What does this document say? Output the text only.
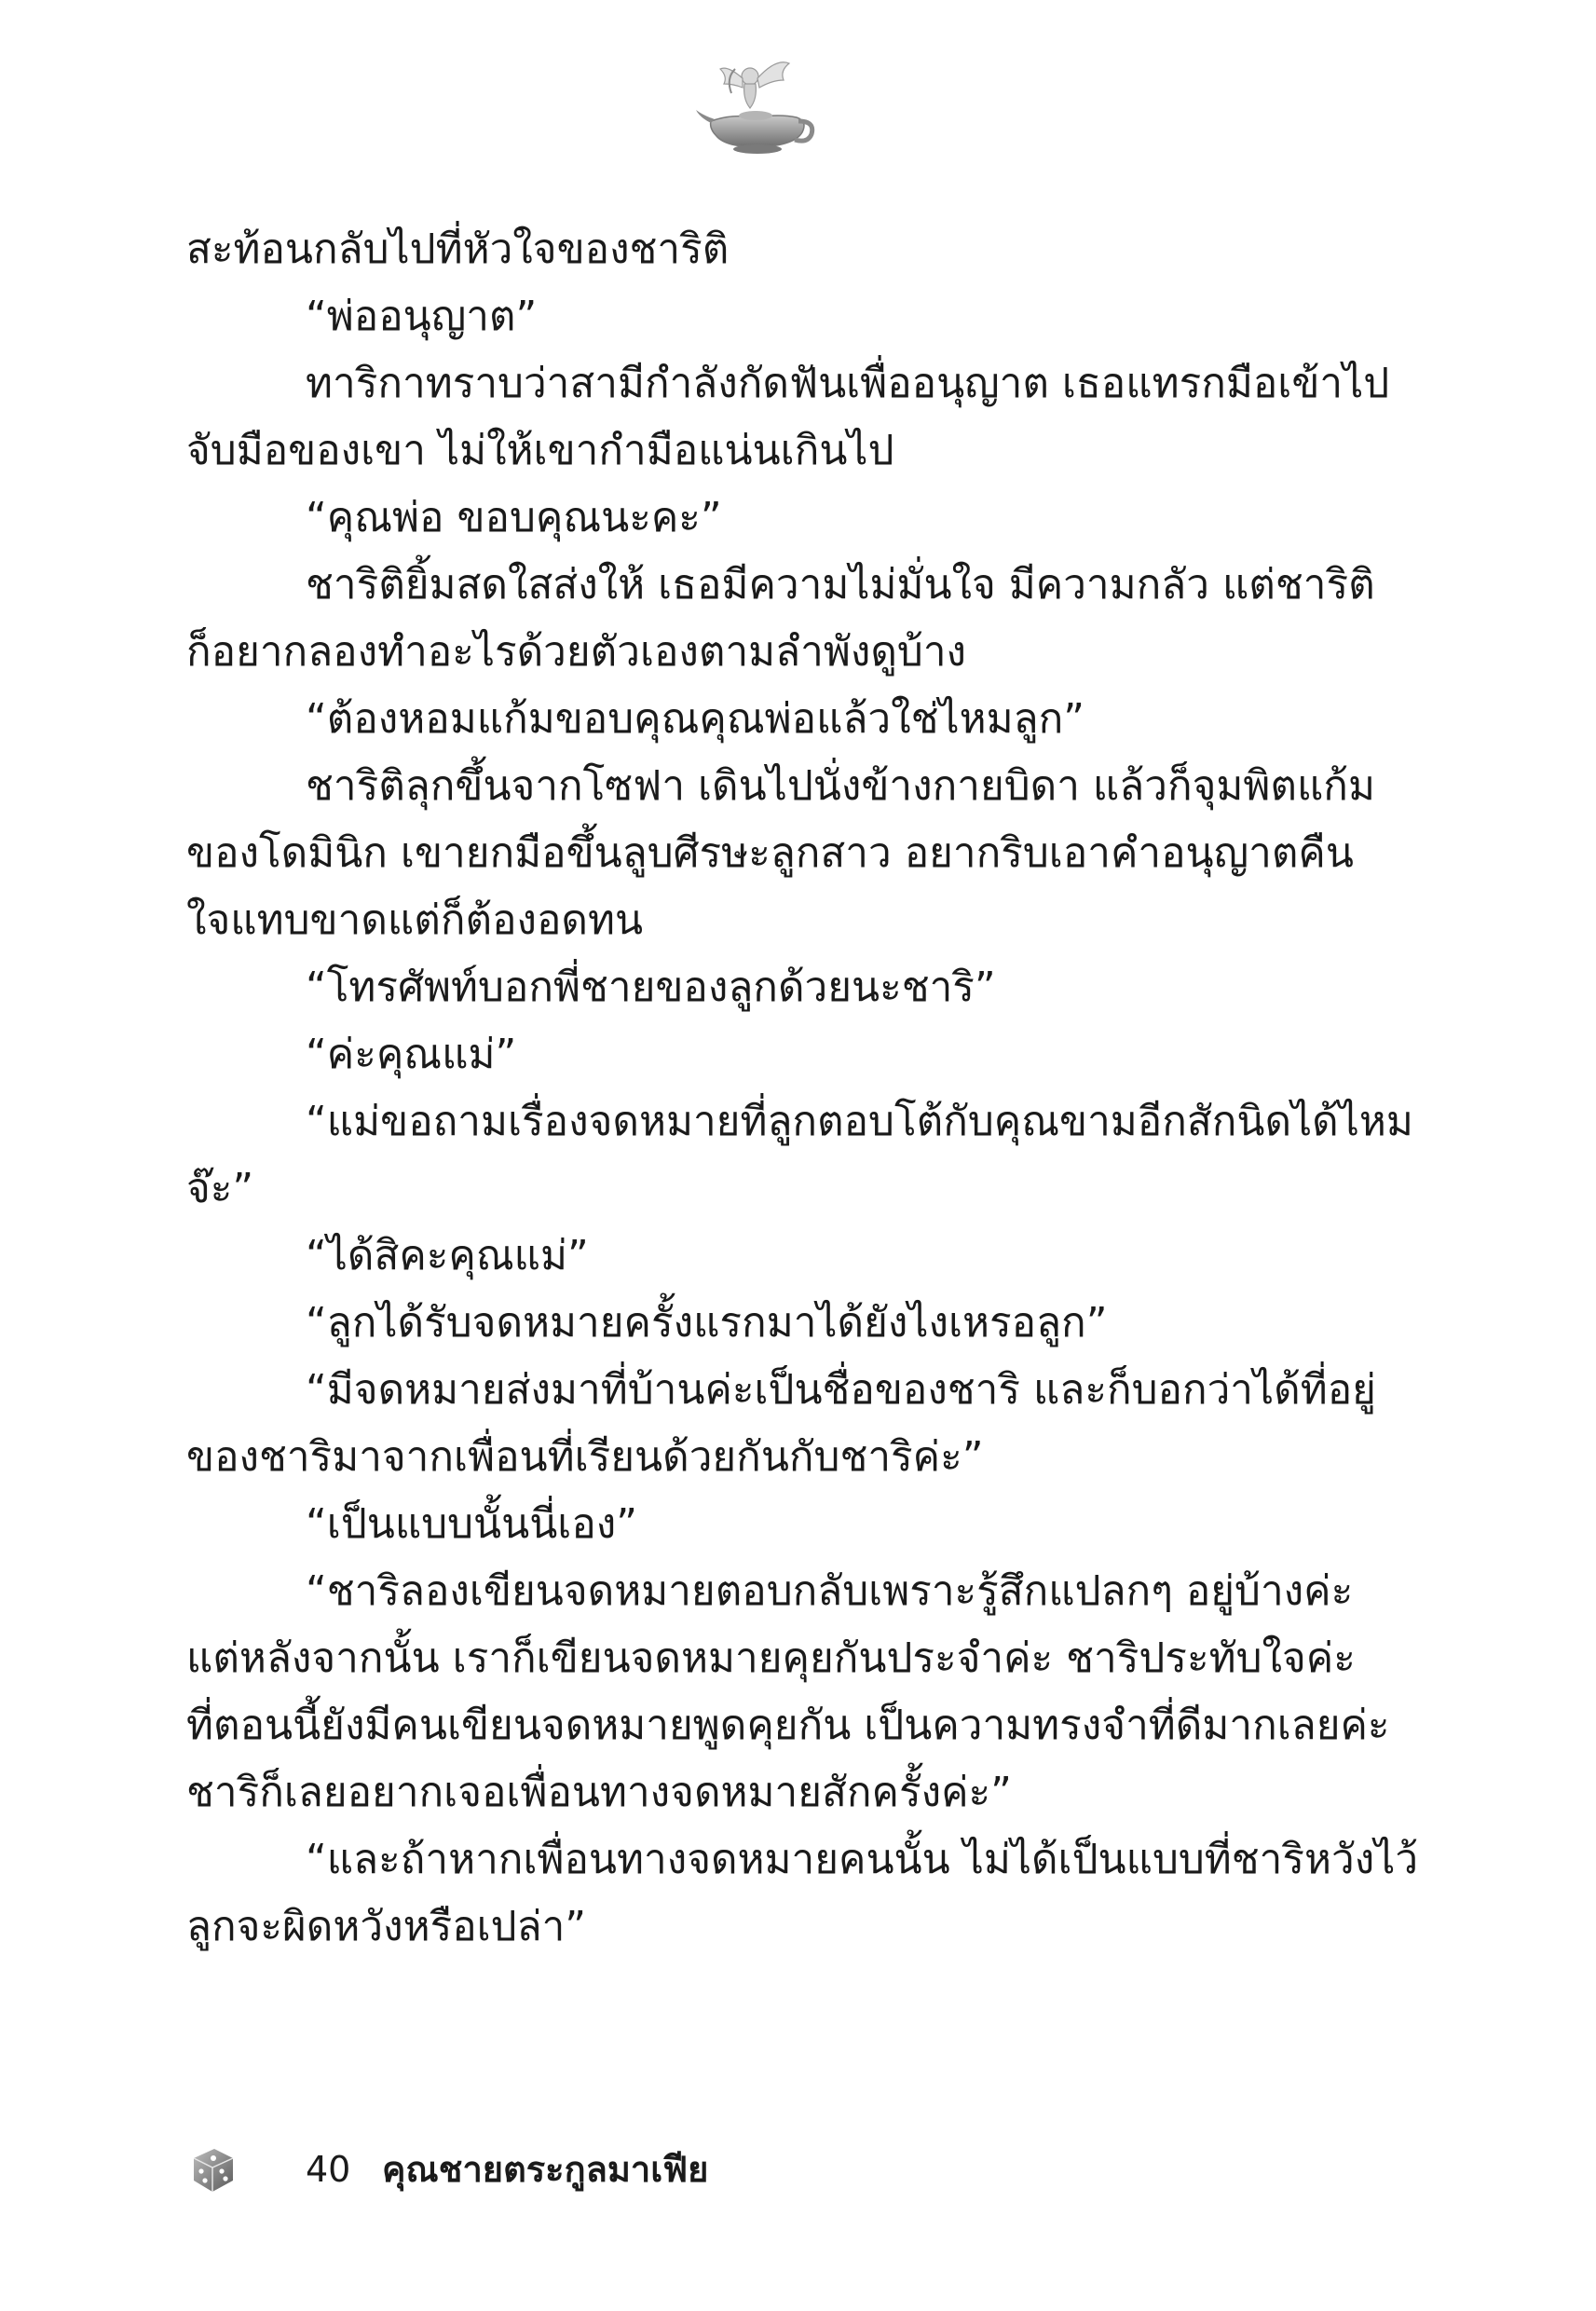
สะท้อนกลับไปที่หัวใจของชาริติ
“พ่ออนุญาต”
ทาริกาทราบว่าสามีกำลังกัดฟันเพื่ออนุญาต เธอแทรกมือเข้าไป
จับมือของเขา ไม่ให้เขากำมือแน่นเกินไป
“คุณพ่อ ขอบคุณนะคะ”
ชาริติยิ้มสดใสส่งให้ เธอมีความไม่มั่นใจ มีความกลัว แต่ชาริติ
ก็อยากลองทำอะไรด้วยตัวเองตามลำพังดูบ้าง
“ต้องหอมแก้มขอบคุณคุณพ่อแล้วใช่ไหมลูก”
ชาริติลุกขึ้นจากโซฟา เดินไปนั่งข้างกายบิดา แล้วก็จุมพิตแก้ม
ของโดมินิก เขายกมือขึ้นลูบศีรษะลูกสาว อยากริบเอาคำอนุญาตคืน
ใจแทบขาดแต่ก็ต้องอดทน
“โทรศัพท์บอกพี่ชายของลูกด้วยนะชาริ”
“ค่ะคุณแม่”
“แม่ขอถามเรื่องจดหมายที่ลูกตอบโต้กับคุณขามอีกสักนิดได้ไหม
จ๊ะ”
“ได้สิคะคุณแม่”
“ลูกได้รับจดหมายครั้งแรกมาได้ยังไงเหรอลูก”
“มีจดหมายส่งมาที่บ้านค่ะเป็นชื่อของชาริ และก็บอกว่าได้ที่อยู่
ของชาริมาจากเพื่อนที่เรียนด้วยกันกับชาริค่ะ”
“เป็นแบบนั้นนี่เอง”
“ชาริลองเขียนจดหมายตอบกลับเพราะรู้สึกแปลกๆ อยู่บ้างค่ะ
แต่หลังจากนั้น เราก็เขียนจดหมายคุยกันประจำค่ะ ชาริประทับใจค่ะ
ที่ตอนนี้ยังมีคนเขียนจดหมายพูดคุยกัน เป็นความทรงจำที่ดีมากเลยค่ะ
ชาริก็เลยอยากเจอเพื่อนทางจดหมายสักครั้งค่ะ”
“และถ้าหากเพื่อนทางจดหมายคนนั้น ไม่ได้เป็นแบบที่ชาริหวังไว้
ลูกจะผิดหวังหรือเปล่า”
40 คุณชายตระกูลมาเฟีย
